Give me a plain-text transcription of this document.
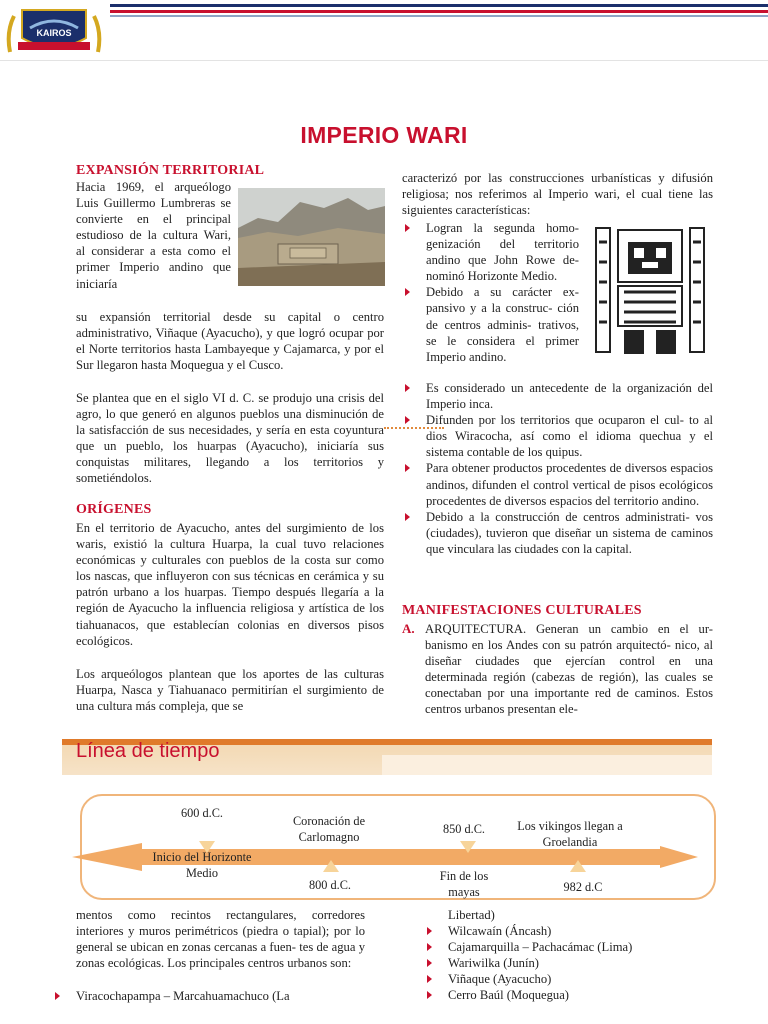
KAIROS
IMPERIO WARI
EXPANSIÓN TERRITORIAL
Hacia 1969, el arqueólogo Luis Guillermo Lumbreras se convierte en el principal estudioso de la cultura Wari, al considerar a esta como el primer Imperio andino que iniciaría
su expansión territorial desde su capital o centro administrativo, Viñaque (Ayacucho), y que logró ocupar por el Norte territorios hasta Lambayeque y Cajamarca, y por el Sur llegaron hasta Moquegua y el Cusco.
Se plantea que en el siglo VI d. C. se produjo una crisis del agro, lo que generó en algunos pueblos una disminución de la satisfacción de sus necesidades, y sería en esta coyuntura que un pueblo, los huarpas (Ayacucho), iniciaría sus conquistas militares, llegando a los territorios y sometiéndolos.
ORÍGENES
En el territorio de Ayacucho, antes del surgimiento de los waris, existió la cultura Huarpa, la cual tuvo relaciones económicas y culturales con pueblos de la costa sur como los nascas, que influyeron con sus técnicas en cerámica y su patrón urbano a los huarpas. Tiempo después llegaría a la región de Ayacucho la influencia religiosa y artística de los tiahuanacos, que establecían colonias en diversos pisos ecológicos.
Los arqueólogos plantean que los aportes de las culturas Huarpa, Nasca y Tiahuanaco permitirían el surgimiento de una cultura más compleja, que se
caracterizó por las construcciones urbanísticas y difusión religiosa; nos referimos al Imperio wari, el cual tiene las siguientes características:
Logran la segunda homo- genización del territorio andino que John Rowe de- nominó Horizonte Medio.
Debido a su carácter ex- pansivo y a la construc- ción de centros adminis- trativos, se le considera el primer Imperio andino.
Es considerado un antecedente de la organización del Imperio inca.
Difunden por los territorios que ocuparon el cul- to al dios Wiracocha, así como el idioma quechua y el sistema contable de los quipus.
Para obtener productos procedentes de diversos espacios andinos, difunden el control vertical de pisos ecológicos procedentes de diversos espacios del territorio andino.
Debido a la construcción de centros administrati- vos (ciudades), tuvieron que diseñar un sistema de caminos que vinculara las ciudades con la capital.
MANIFESTACIONES CULTURALES
A. ARQUITECTURA. Generan un cambio en el ur- banismo en los Andes con su patrón arquitectó- nico, al diseñar ciudades que ejercían control en una determinada región (cabezas de región), las cuales se conectaban por una importante red de caminos. Estos centros urbanos presentan ele-
Línea de tiempo
600 d.C.
Coronación de Carlomagno
850 d.C.	Los vikingos llegan a Groelandia
Inicio del Horizonte Medio
800 d.C.
Fin de los mayas	982 d.C
mentos como recintos rectangulares, corredores interiores y muros perimétricos (piedra o tapial); por lo general se ubican en zonas cercanas a fuen- tes de agua y zonas ecológicas. Los principales centros urbanos son:
Viracochapampa – Marcahuamachuco (La
Libertad)
Wilcawaín (Áncash)
Cajamarquilla – Pachacámac (Lima)
Wariwilka (Junín)
Viñaque (Ayacucho)
Cerro Baúl (Moquegua)
